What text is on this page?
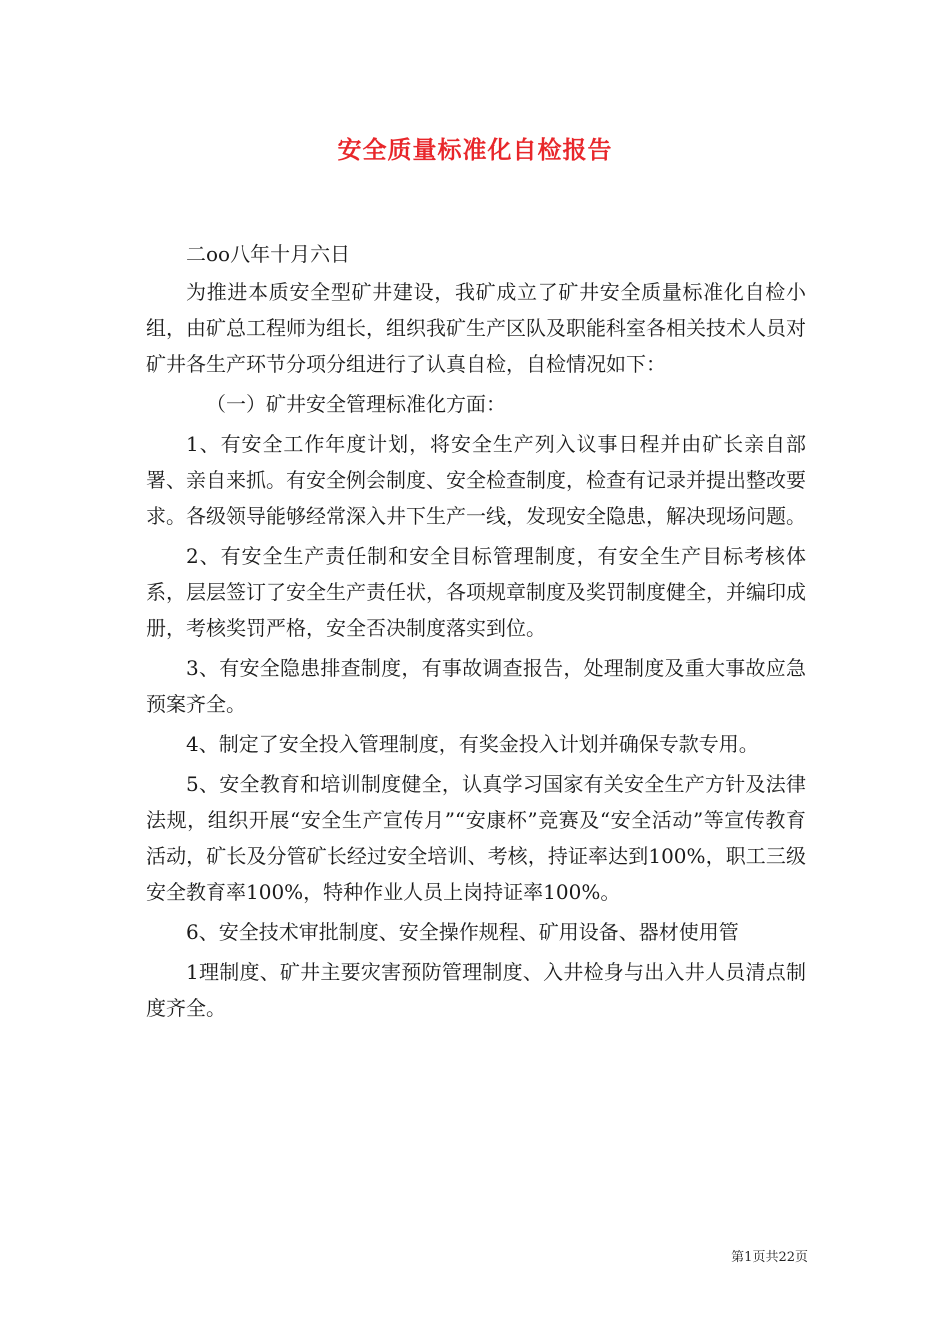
安全质量标准化自检报告

二oo八年十月六日

为推进本质安全型矿井建设，我矿成立了矿井安全质量标准化自检小组，由矿总工程师为组长，组织我矿生产区队及职能科室各相关技术人员对矿井各生产环节分项分组进行了认真自检，自检情况如下：

（一）矿井安全管理标准化方面：

1、有安全工作年度计划，将安全生产列入议事日程并由矿长亲自部署、亲自来抓。有安全例会制度、安全检查制度，检查有记录并提出整改要求。各级领导能够经常深入井下生产一线，发现安全隐患，解决现场问题。

2、有安全生产责任制和安全目标管理制度，有安全生产目标考核体系，层层签订了安全生产责任状，各项规章制度及奖罚制度健全，并编印成册，考核奖罚严格，安全否决制度落实到位。

3、有安全隐患排查制度，有事故调查报告，处理制度及重大事故应急预案齐全。

4、制定了安全投入管理制度，有奖金投入计划并确保专款专用。

5、安全教育和培训制度健全，认真学习国家有关安全生产方针及法律法规，组织开展“安全生产宣传月”“安康杯”竞赛及“安全活动”等宣传教育活动，矿长及分管矿长经过安全培训、考核，持证率达到100%，职工三级安全教育率100%，特种作业人员上岗持证率100%。

6、安全技术审批制度、安全操作规程、矿用设备、器材使用管

1理制度、矿井主要灾害预防管理制度、入井检身与出入井人员清点制度齐全。

第1页共22页
